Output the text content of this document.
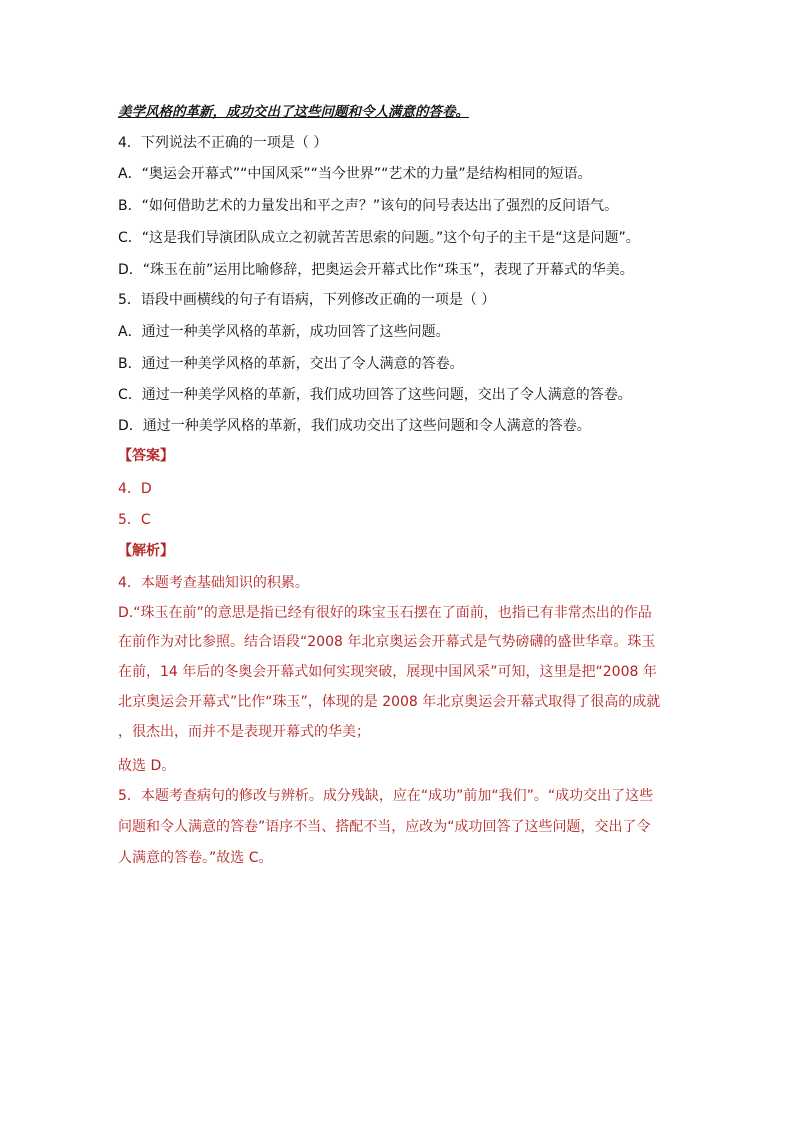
美学风格的革新，成功交出了这些问题和令人满意的答卷。
4．下列说法不正确的一项是（ ）
A．“奥运会开幕式”“中国风采”“当今世界”“艺术的力量”是结构相同的短语。
B．“如何借助艺术的力量发出和平之声？”该句的问号表达出了强烈的反问语气。
C．“这是我们导演团队成立之初就苦苦思索的问题。”这个句子的主干是“这是问题”。
D．“珠玉在前”运用比喻修辞，把奥运会开幕式比作“珠玉”，表现了开幕式的华美。
5．语段中画横线的句子有语病，下列修改正确的一项是（ ）
A．通过一种美学风格的革新，成功回答了这些问题。
B．通过一种美学风格的革新，交出了令人满意的答卷。
C．通过一种美学风格的革新，我们成功回答了这些问题，交出了令人满意的答卷。
D．通过一种美学风格的革新，我们成功交出了这些问题和令人满意的答卷。
【答案】
4．D
5．C
【解析】
4．本题考查基础知识的积累。
D.“珠玉在前”的意思是指已经有很好的珠宝玉石摆在了面前，也指已有非常杰出的作品
在前作为对比参照。结合语段“2008 年北京奥运会开幕式是气势磅礴的盛世华章。珠玉
在前，14 年后的冬奥会开幕式如何实现突破，展现中国风采”可知，这里是把“2008 年
北京奥运会开幕式”比作“珠玉”，体现的是 2008 年北京奥运会开幕式取得了很高的成就
，很杰出，而并不是表现开幕式的华美；
故选 D。
5．本题考查病句的修改与辨析。成分残缺，应在“成功”前加“我们”。“成功交出了这些
问题和令人满意的答卷”语序不当、搭配不当，应改为“成功回答了这些问题，交出了令
人满意的答卷。”故选 C。
